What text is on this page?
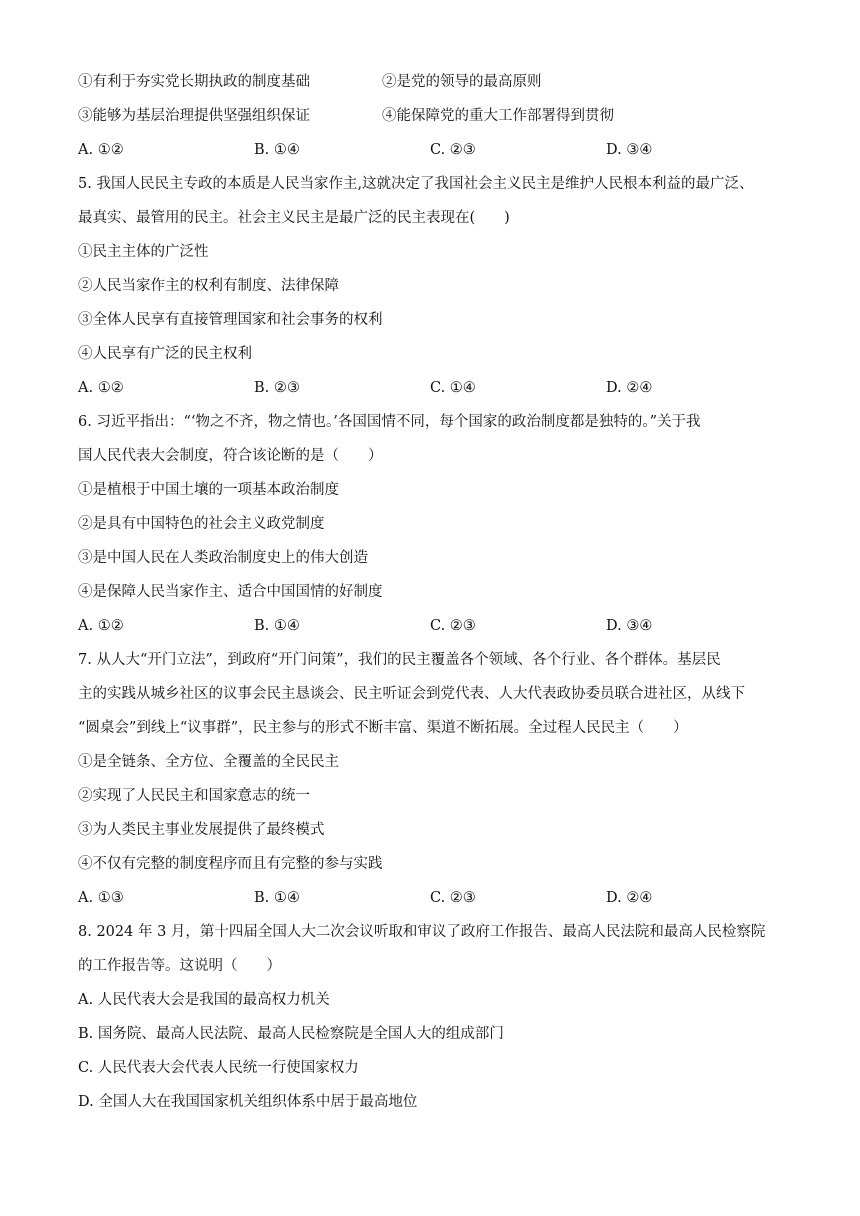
①有利于夯实党长期执政的制度基础	②是党的领导的最高原则
③能够为基层治理提供坚强组织保证	④能保障党的重大工作部署得到贯彻
A. ①②	B. ①④	C. ②③	D. ③④
5. 我国人民民主专政的本质是人民当家作主,这就决定了我国社会主义民主是维护人民根本利益的最广泛、
最真实、最管用的民主。社会主义民主是最广泛的民主表现在(　　)
①民主主体的广泛性
②人民当家作主的权利有制度、法律保障
③全体人民享有直接管理国家和社会事务的权利
④人民享有广泛的民主权利
A. ①②	B. ②③	C. ①④	D. ②④
6. 习近平指出：“‘物之不齐，物之情也。’各国国情不同，每个国家的政治制度都是独特的。”关于我
国人民代表大会制度，符合该论断的是（　　）
①是植根于中国土壤的一项基本政治制度
②是具有中国特色的社会主义政党制度
③是中国人民在人类政治制度史上的伟大创造
④是保障人民当家作主、适合中国国情的好制度
A. ①②	B. ①④	C. ②③	D. ③④
7. 从人大“开门立法”，到政府“开门问策”，我们的民主覆盖各个领域、各个行业、各个群体。基层民
主的实践从城乡社区的议事会民主恳谈会、民主听证会到党代表、人大代表政协委员联合进社区，从线下
“圆桌会”到线上“议事群”，民主参与的形式不断丰富、渠道不断拓展。全过程人民民主（　　）
①是全链条、全方位、全覆盖的全民民主
②实现了人民民主和国家意志的统一
③为人类民主事业发展提供了最终模式
④不仅有完整的制度程序而且有完整的参与实践
A. ①③	B. ①④	C. ②③	D. ②④
8. 2024 年 3 月，第十四届全国人大二次会议听取和审议了政府工作报告、最高人民法院和最高人民检察院
的工作报告等。这说明（　　）
A. 人民代表大会是我国的最高权力机关
B. 国务院、最高人民法院、最高人民检察院是全国人大的组成部门
C. 人民代表大会代表人民统一行使国家权力
D. 全国人大在我国国家机关组织体系中居于最高地位
